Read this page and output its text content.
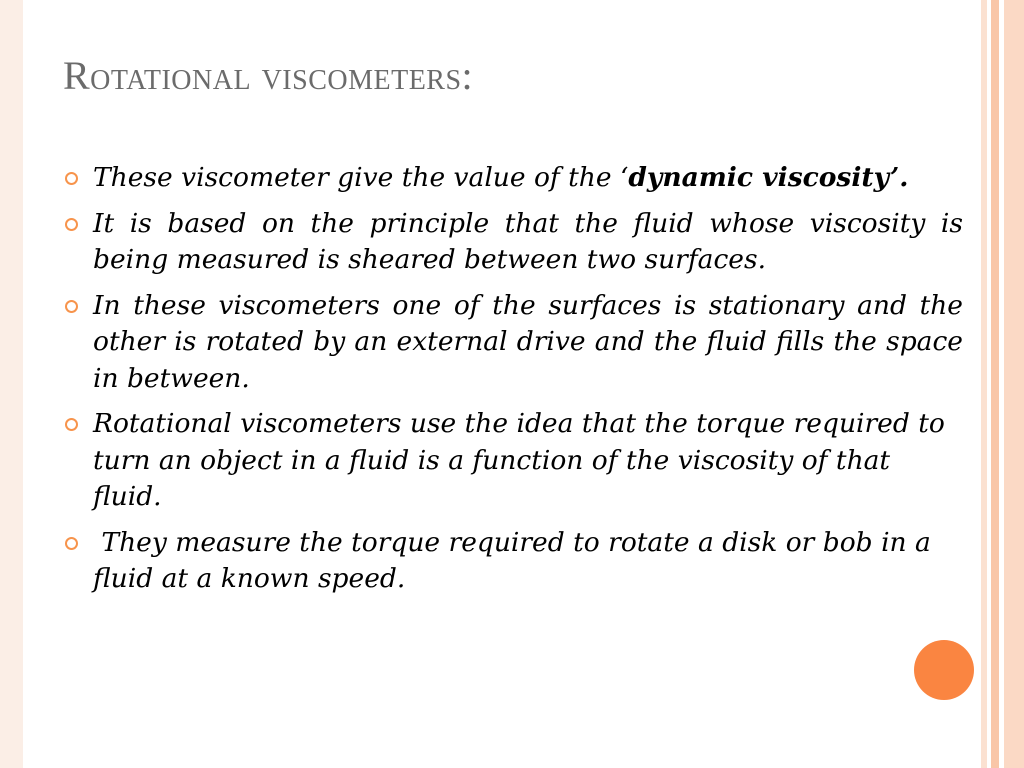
Rotational viscometers:
These viscometer give the value of the ‘dynamic viscosity’.
It is based on the principle that the fluid whose viscosity is being measured is sheared between two surfaces.
In these viscometers one of the surfaces is stationary and the other is rotated by an external drive and the fluid fills the space in between.
Rotational viscometers use the idea that the torque required to turn an object in a fluid is a function of the viscosity of that fluid.
They measure the torque required to rotate a disk or bob in a fluid at a known speed.
